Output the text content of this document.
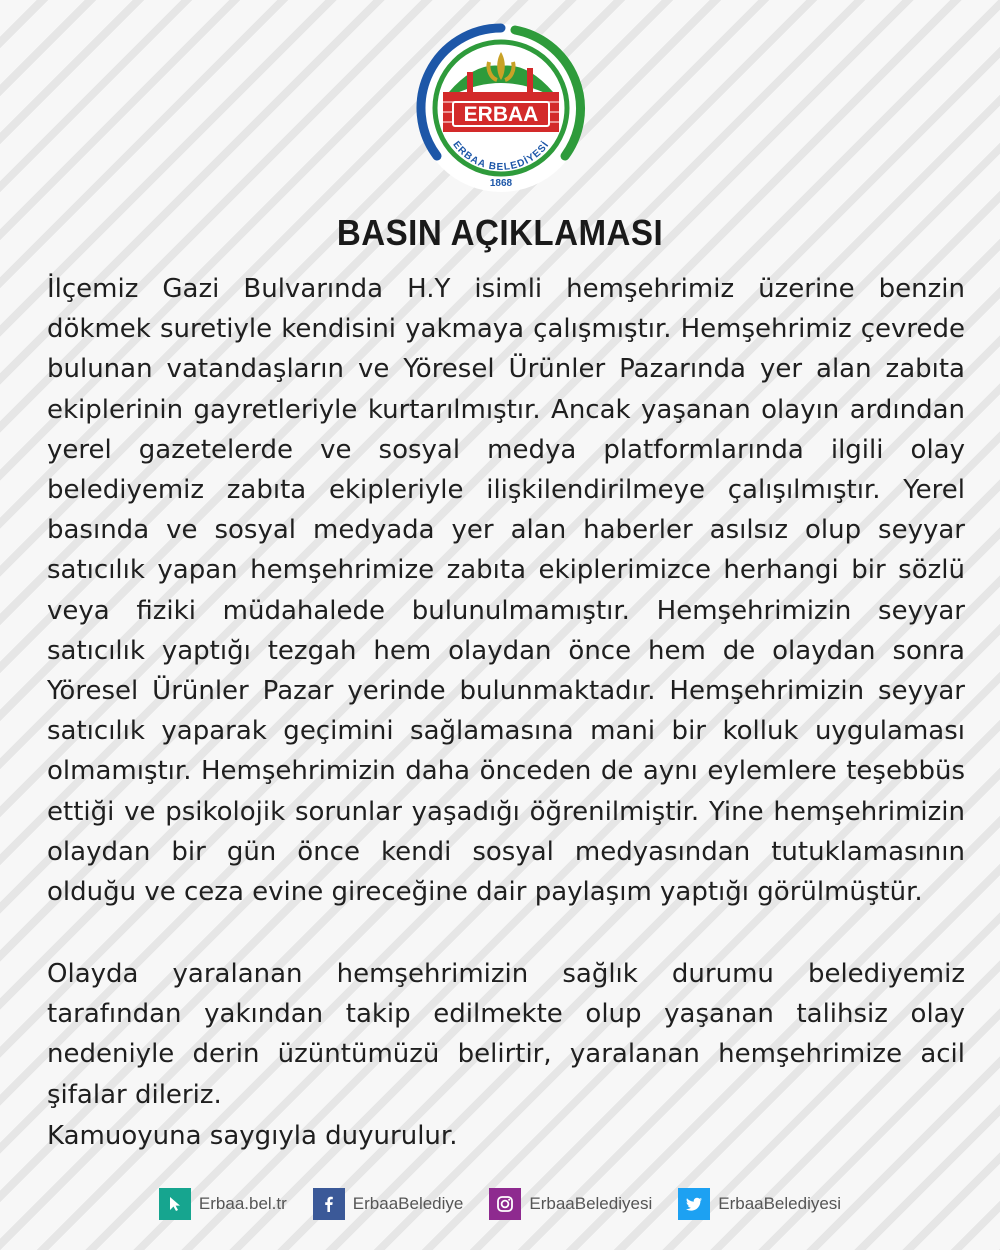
ERBAA
ERBAA BELEDİYESİ
1868
BASIN AÇIKLAMASI

İlçemiz Gazi Bulvarında H.Y isimli hemşehrimiz üzerine benzin dökmek suretiyle kendisini yakmaya çalışmıştır. Hemşehrimiz çevrede bulunan vatandaşların ve Yöresel Ürünler Pazarında yer alan zabıta ekiplerinin gayretleriyle kurtarılmıştır. Ancak yaşanan olayın ardından yerel gazetelerde ve sosyal medya platformlarında ilgili olay belediyemiz zabıta ekipleriyle ilişkilendirilmeye çalışılmıştır. Yerel basında ve sosyal medyada yer alan haberler asılsız olup seyyar satıcılık yapan hemşehrimize zabıta ekiplerimizce herhangi bir sözlü veya fiziki müdahalede bulunulmamıştır. Hemşehrimizin seyyar satıcılık yaptığı tezgah hem olaydan önce hem de olaydan sonra Yöresel Ürünler Pazar yerinde bulunmaktadır. Hemşehrimizin seyyar satıcılık yaparak geçimini sağlamasına mani bir kolluk uygulaması olmamıştır. Hemşehrimizin daha önceden de aynı eylemlere teşebbüs ettiği ve psikolojik sorunlar yaşadığı öğrenilmiştir. Yine hemşehrimizin olaydan bir gün önce kendi sosyal medyasından tutuklamasının olduğu ve ceza evine gireceğine dair paylaşım yaptığı görülmüştür.

Olayda yaralanan hemşehrimizin sağlık durumu belediyemiz tarafından yakından takip edilmekte olup yaşanan talihsiz olay nedeniyle derin üzüntümüzü belirtir, yaralanan hemşehrimize acil şifalar dileriz.

Kamuoyuna saygıyla duyurulur.

Erbaa.bel.tr	ErbaaBelediye	ErbaaBelediyesi	ErbaaBelediyesi
